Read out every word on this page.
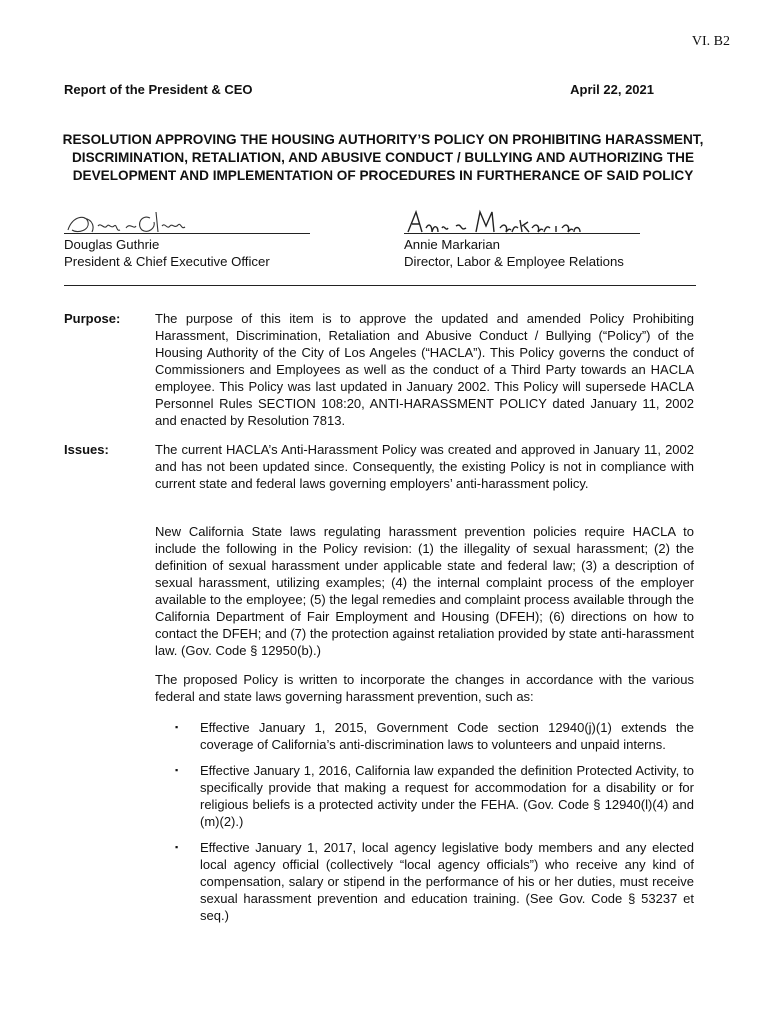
VI. B2
Report of the President & CEO	April 22, 2021
RESOLUTION APPROVING THE HOUSING AUTHORITY’S POLICY ON PROHIBITING HARASSMENT, DISCRIMINATION, RETALIATION, AND ABUSIVE CONDUCT / BULLYING AND AUTHORIZING THE DEVELOPMENT AND IMPLEMENTATION OF PROCEDURES IN FURTHERANCE OF SAID POLICY
Douglas Guthrie
President & Chief Executive Officer
Annie Markarian
Director, Labor & Employee Relations
Purpose:	The purpose of this item is to approve the updated and amended Policy Prohibiting Harassment, Discrimination, Retaliation and Abusive Conduct / Bullying (“Policy”) of the Housing Authority of the City of Los Angeles (“HACLA”). This Policy governs the conduct of Commissioners and Employees as well as the conduct of a Third Party towards an HACLA employee. This Policy was last updated in January 2002. This Policy will supersede HACLA Personnel Rules SECTION 108:20, ANTI-HARASSMENT POLICY dated January 11, 2002 and enacted by Resolution 7813.

Issues:	The current HACLA’s Anti-Harassment Policy was created and approved in January 11, 2002 and has not been updated since. Consequently, the existing Policy is not in compliance with current state and federal laws governing employers’ anti-harassment policy.

New California State laws regulating harassment prevention policies require HACLA to include the following in the Policy revision: (1) the illegality of sexual harassment; (2) the definition of sexual harassment under applicable state and federal law; (3) a description of sexual harassment, utilizing examples; (4) the internal complaint process of the employer available to the employee; (5) the legal remedies and complaint process available through the California Department of Fair Employment and Housing (DFEH); (6) directions on how to contact the DFEH; and (7) the protection against retaliation provided by state anti-harassment law. (Gov. Code § 12950(b).)

The proposed Policy is written to incorporate the changes in accordance with the various federal and state laws governing harassment prevention, such as:

▪ Effective January 1, 2015, Government Code section 12940(j)(1) extends the coverage of California’s anti-discrimination laws to volunteers and unpaid interns.
▪ Effective January 1, 2016, California law expanded the definition Protected Activity, to specifically provide that making a request for accommodation for a disability or for religious beliefs is a protected activity under the FEHA. (Gov. Code § 12940(l)(4) and (m)(2).)
▪ Effective January 1, 2017, local agency legislative body members and any elected local agency official (collectively “local agency officials”) who receive any kind of compensation, salary or stipend in the performance of his or her duties, must receive sexual harassment prevention and education training. (See Gov. Code § 53237 et seq.)
